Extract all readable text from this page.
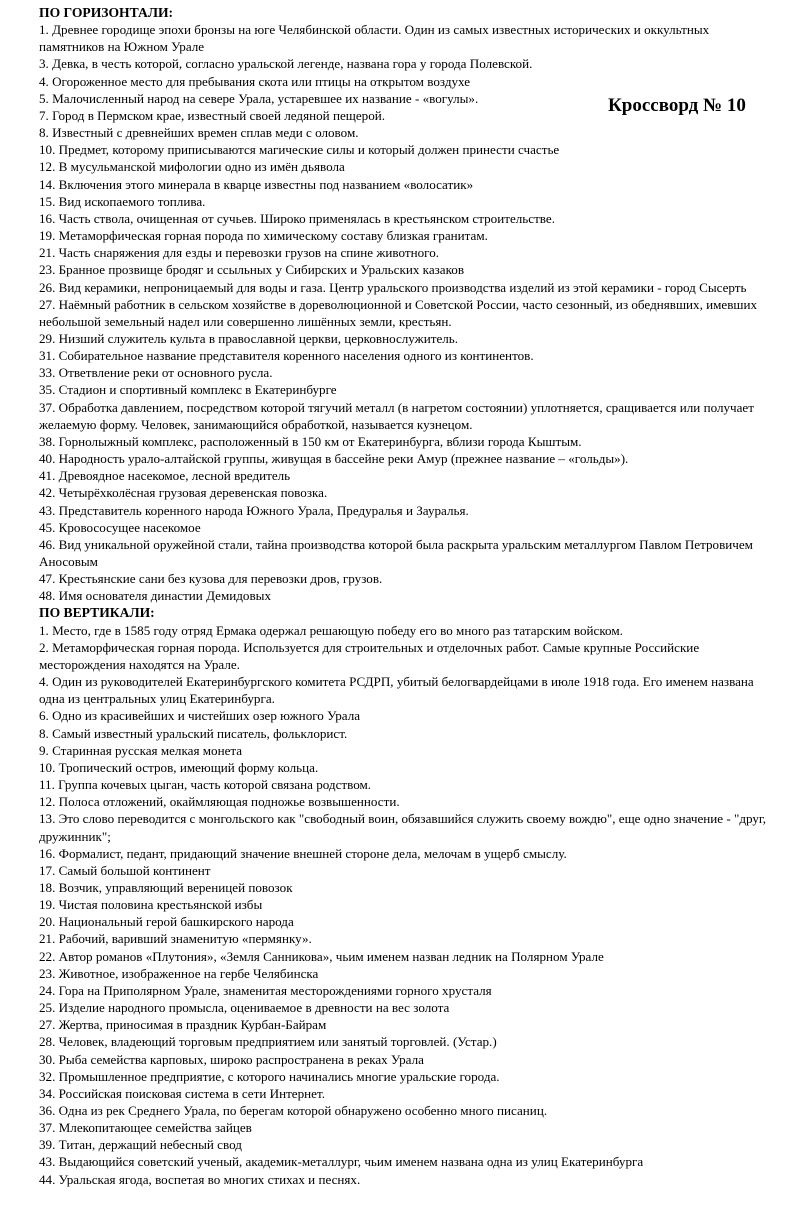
ПО ГОРИЗОНТАЛИ:
1. Древнее городище эпохи бронзы на юге Челябинской области. Один из самых известных исторических и оккультных памятников на Южном Урале
3. Девка, в честь которой, согласно уральской легенде, названа гора у города Полевской.
4. Огороженное место для пребывания скота или птицы на открытом воздухе
5. Малочисленный народ на севере Урала, устаревшее их название - «вогулы».
7. Город в Пермском крае, известный своей ледяной пещерой.
8. Известный с древнейших времен сплав меди с оловом.
10. Предмет, которому приписываются магические силы и который должен принести счастье
12. В мусульманской мифологии одно из имён дьявола
14. Включения этого минерала в кварце известны под названием «волосатик»
15. Вид ископаемого топлива.
16. Часть ствола, очищенная от сучьев. Широко применялась в крестьянском строительстве.
19. Метаморфическая горная порода по химическому составу близкая гранитам.
21. Часть снаряжения для езды и перевозки грузов на спине животного.
23. Бранное прозвище бродяг и ссыльных у Сибирских и Уральских казаков
26. Вид керамики, непроницаемый для воды и газа. Центр уральского производства изделий из этой керамики - город Сысерть
27. Наёмный работник в сельском хозяйстве в дореволюционной и Советской России, часто сезонный, из обеднявших, имевших небольшой земельный надел или совершенно лишённых земли, крестьян.
29. Низший служитель культа в православной церкви, церковнослужитель.
31. Собирательное название представителя коренного населения одного из континентов.
33. Ответвление реки от основного русла.
35. Стадион и спортивный комплекс в Екатеринбурге
37. Обработка давлением, посредством которой тягучий металл (в нагретом состоянии) уплотняется, сращивается или получает желаемую форму. Человек, занимающийся обработкой, называется кузнецом.
38. Горнолыжный комплекс, расположенный в 150 км от Екатеринбурга, вблизи города Кыштым.
40. Народность урало-алтайской группы, живущая в бассейне реки Амур (прежнее название – «гольды»).
41. Древоядное насекомое, лесной вредитель
42. Четырёхколёсная грузовая деревенская повозка.
43. Представитель коренного народа Южного Урала, Предуралья и Зауралья.
45. Кровососущее насекомое
46. Вид уникальной оружейной стали, тайна производства которой была раскрыта уральским металлургом Павлом Петровичем Аносовым
47. Крестьянские сани без кузова для перевозки дров, грузов.
48. Имя основателя династии Демидовых
ПО ВЕРТИКАЛИ:
1. Место, где в 1585 году отряд Ермака одержал решающую победу его во много раз татарским войском.
2. Метаморфическая горная порода. Используется для строительных и отделочных работ. Самые крупные Российские месторождения находятся на Урале.
4. Один из руководителей Екатеринбургского комитета РСДРП, убитый белогвардейцами в июле 1918 года. Его именем названа одна из центральных улиц Екатеринбурга.
6. Одно из красивейших и чистейших озер южного Урала
8. Самый известный уральский писатель, фольклорист.
9. Старинная русская мелкая монета
10. Тропический остров, имеющий форму кольца.
11. Группа кочевых цыган, часть которой связана родством.
12. Полоса отложений, окаймляющая подножье возвышенности.
13. Это слово переводится с монгольского как "свободный воин, обязавшийся служить своему вождю", еще одно значение - "друг, дружинник";
16. Формалист, педант, придающий значение внешней стороне дела, мелочам в ущерб смыслу.
17. Самый большой континент
18. Возчик, управляющий вереницей повозок
19. Чистая половина крестьянской избы
20. Национальный герой башкирского народа
21. Рабочий, варивший знаменитую «пермянку».
22. Автор романов «Плутония», «Земля Санникова», чьим именем назван ледник на Полярном Урале
23. Животное, изображенное на гербе Челябинска
24. Гора на Приполярном Урале, знаменитая месторождениями горного хрусталя
25. Изделие народного промысла, оцениваемое в древности на вес золота
27. Жертва, приносимая в праздник Курбан-Байрам
28. Человек, владеющий торговым предприятием или занятый торговлей. (Устар.)
30. Рыба семейства карповых, широко распространена в реках Урала
32. Промышленное предприятие, с которого начинались многие уральские города.
34. Российская поисковая система в сети Интернет.
36. Одна из рек Среднего Урала, по берегам которой обнаружено особенно много писаниц.
37. Млекопитающее семейства зайцев
39. Титан, держащий небесный свод
43. Выдающийся советский ученый, академик-металлург, чьим именем названа одна из улиц Екатеринбурга
44. Уральская ягода, воспетая во многих стихах и песнях.
Кроссворд № 10
